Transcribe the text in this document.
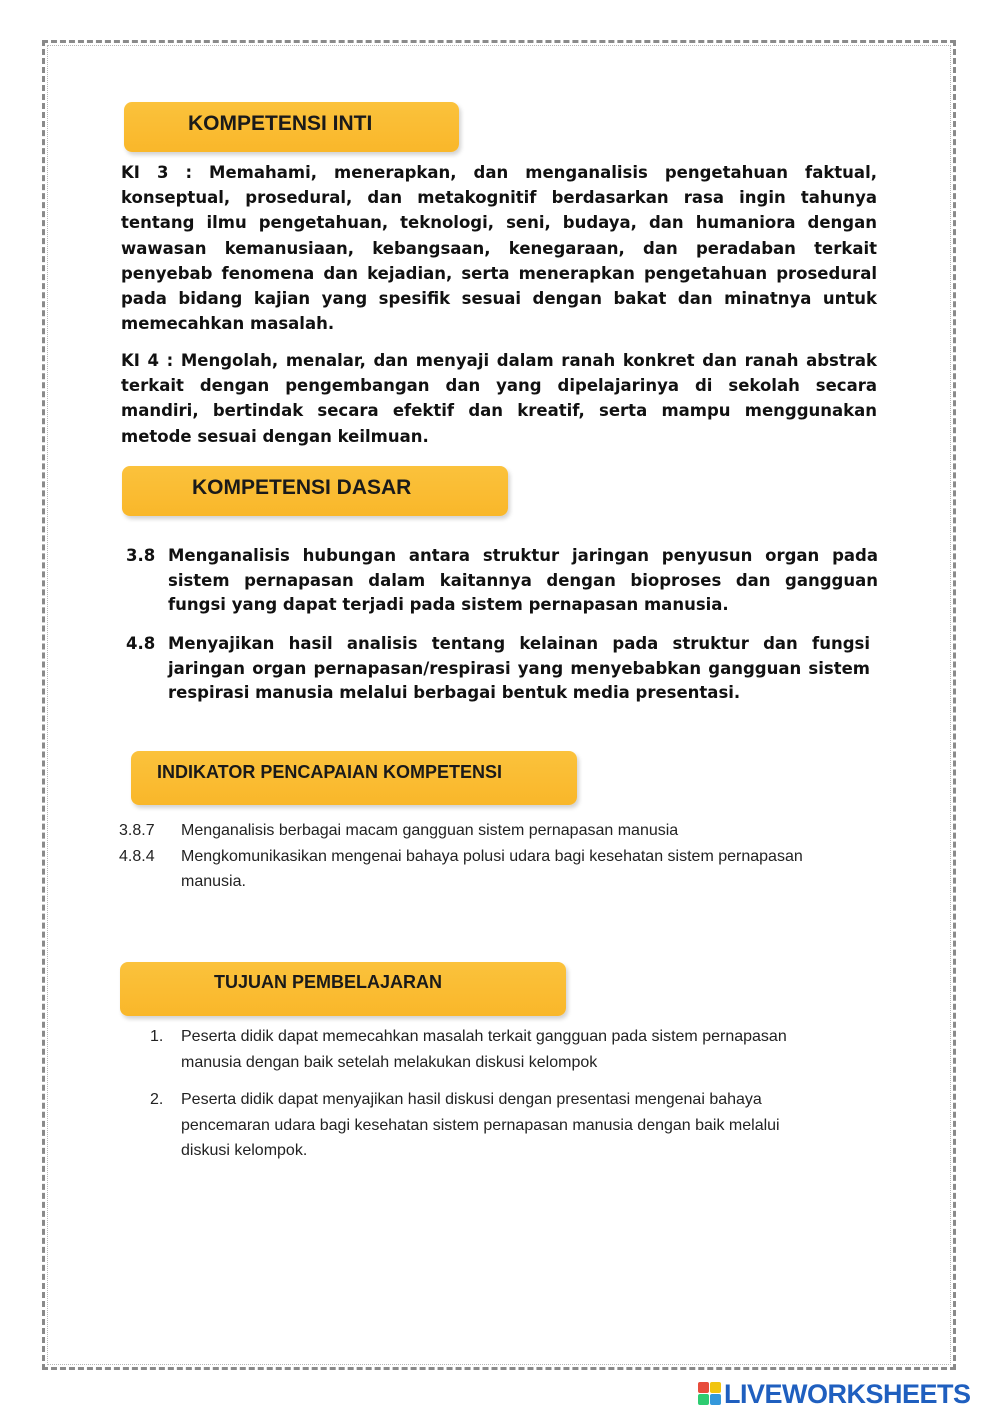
KOMPETENSI INTI

KI 3 : Memahami, menerapkan, dan menganalisis pengetahuan faktual, konseptual, prosedural, dan metakognitif berdasarkan rasa ingin tahunya tentang ilmu pengetahuan, teknologi, seni, budaya, dan humaniora dengan wawasan kemanusiaan, kebangsaan, kenegaraan, dan peradaban terkait penyebab fenomena dan kejadian, serta menerapkan pengetahuan prosedural pada bidang kajian yang spesifik sesuai dengan bakat dan minatnya untuk memecahkan masalah.

KI 4 : Mengolah, menalar, dan menyaji dalam ranah konkret dan ranah abstrak terkait dengan pengembangan dan yang dipelajarinya di sekolah secara mandiri, bertindak secara efektif dan kreatif, serta mampu menggunakan metode sesuai dengan keilmuan.

KOMPETENSI DASAR
3.8 Menganalisis hubungan antara struktur jaringan penyusun organ pada sistem pernapasan dalam kaitannya dengan bioproses dan gangguan fungsi yang dapat terjadi pada sistem pernapasan manusia.
4.8 Menyajikan hasil analisis tentang kelainan pada struktur dan fungsi jaringan organ pernapasan/respirasi yang menyebabkan gangguan sistem respirasi manusia melalui berbagai bentuk media presentasi.
INDIKATOR PENCAPAIAN KOMPETENSI
3.8.7	Menganalisis berbagai macam gangguan sistem pernapasan manusia
4.8.4	Mengkomunikasikan mengenai bahaya polusi udara bagi kesehatan sistem pernapasan manusia.
TUJUAN PEMBELAJARAN
1.	Peserta didik dapat memecahkan masalah terkait gangguan pada sistem pernapasan manusia dengan baik setelah melakukan diskusi kelompok
2.	Peserta didik dapat menyajikan hasil diskusi dengan presentasi mengenai bahaya pencemaran udara bagi kesehatan sistem pernapasan manusia dengan baik melalui diskusi kelompok.
LIVEWORKSHEETS
